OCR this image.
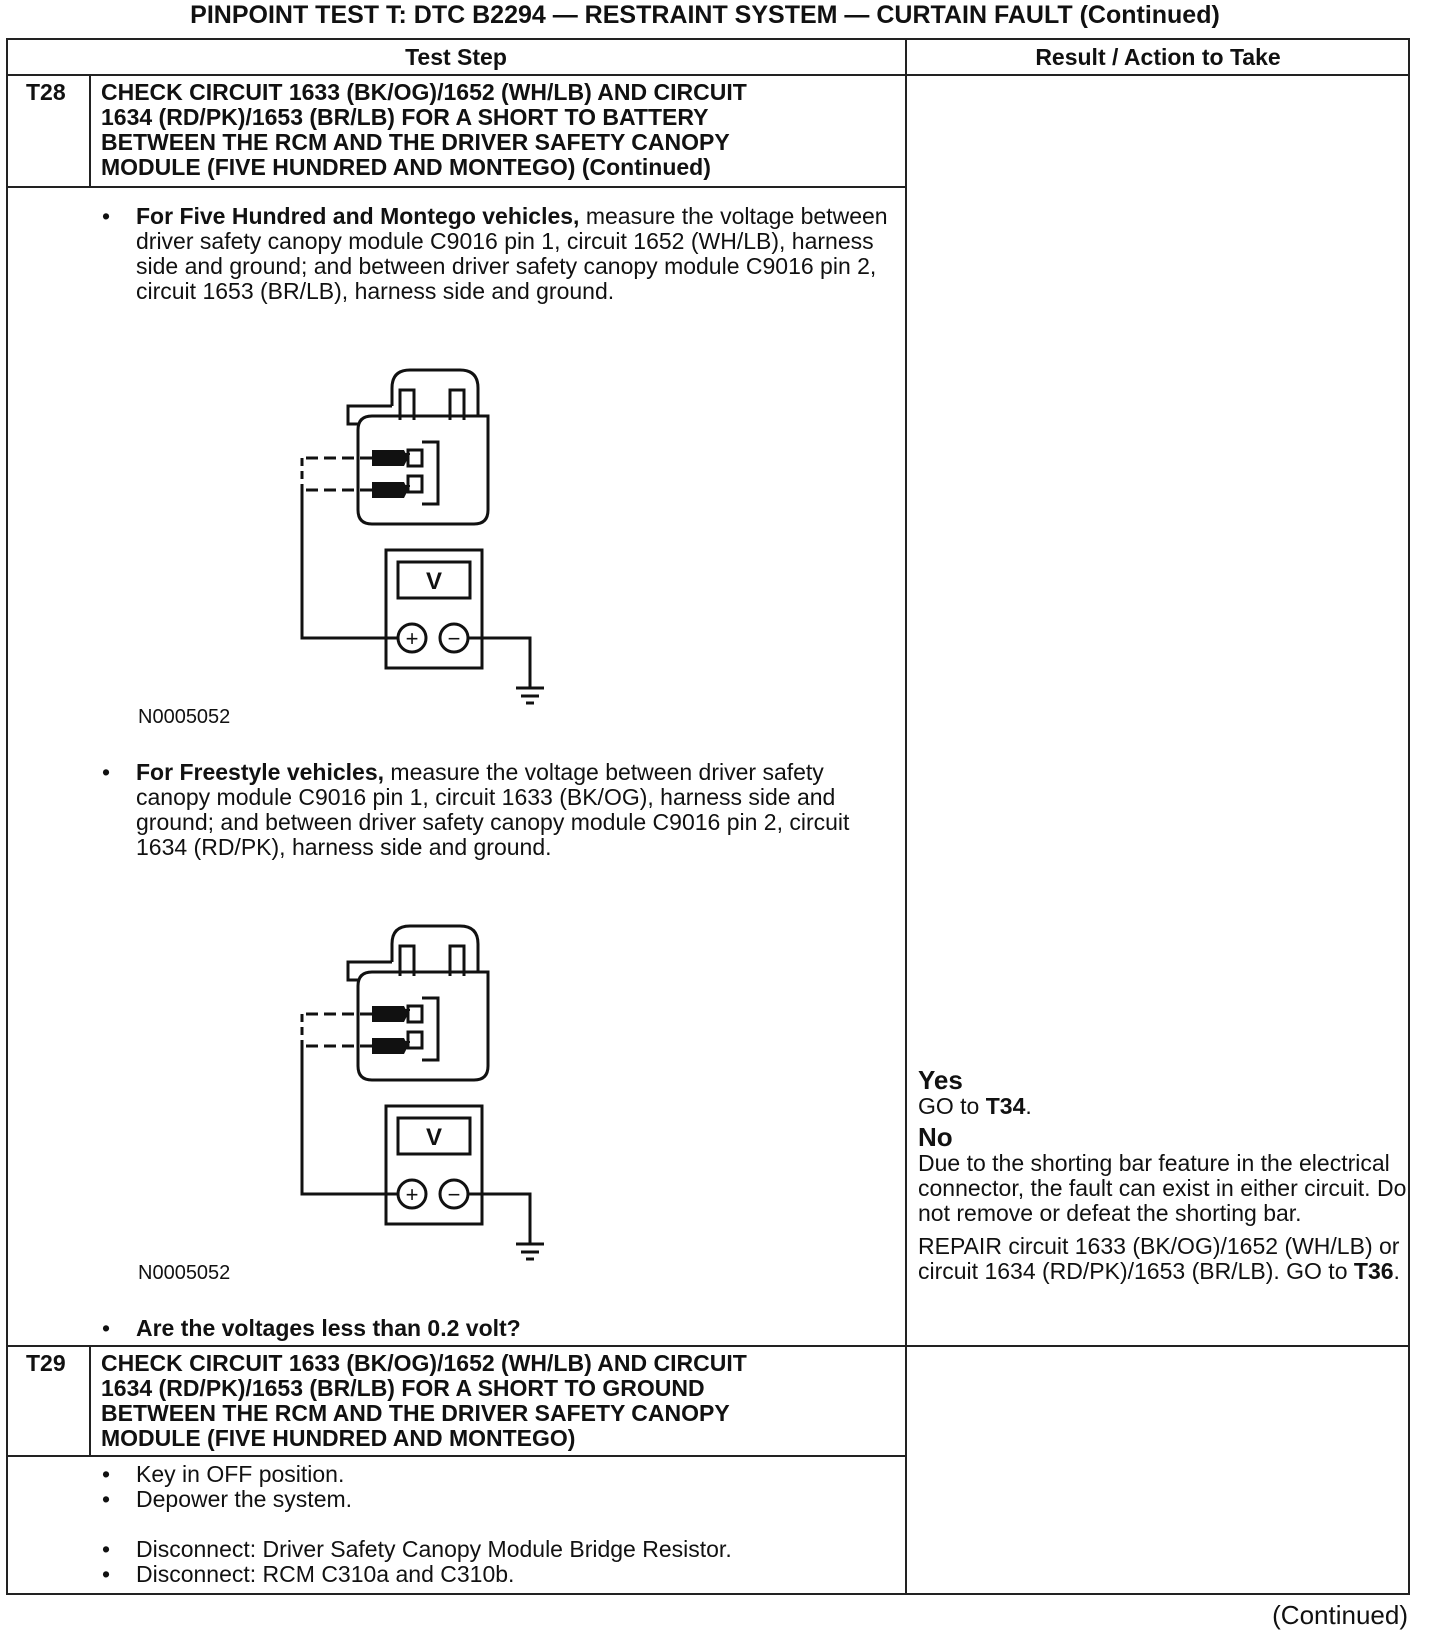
PINPOINT TEST T: DTC B2294 — RESTRAINT SYSTEM — CURTAIN FAULT (Continued)
Test Step	Result / Action to Take
T28 CHECK CIRCUIT 1633 (BK/OG)/1652 (WH/LB) AND CIRCUIT
1634 (RD/PK)/1653 (BR/LB) FOR A SHORT TO BATTERY
BETWEEN THE RCM AND THE DRIVER SAFETY CANOPY
MODULE (FIVE HUNDRED AND MONTEGO) (Continued)

•	For Five Hundred and Montego vehicles, measure the voltage between driver safety canopy module C9016 pin 1, circuit 1652 (WH/LB), harness side and ground; and between driver safety canopy module C9016 pin 2, circuit 1653 (BR/LB), harness side and ground.
V
+ −
N0005052
•	For Freestyle vehicles, measure the voltage between driver safety canopy module C9016 pin 1, circuit 1633 (BK/OG), harness side and ground; and between driver safety canopy module C9016 pin 2, circuit 1634 (RD/PK), harness side and ground.
V
+ −
N0005052
•	Are the voltages less than 0.2 volt?

Yes

GO to T34.

No

Due to the shorting bar feature in the electrical connector, the fault can exist in either circuit. Do not remove or defeat the shorting bar.

REPAIR circuit 1633 (BK/OG)/1652 (WH/LB) or circuit 1634 (RD/PK)/1653 (BR/LB). GO to T36.

T29 CHECK CIRCUIT 1633 (BK/OG)/1652 (WH/LB) AND CIRCUIT
1634 (RD/PK)/1653 (BR/LB) FOR A SHORT TO GROUND
BETWEEN THE RCM AND THE DRIVER SAFETY CANOPY
MODULE (FIVE HUNDRED AND MONTEGO)

•	Key in OFF position.
•	Depower the system.
•	Disconnect: Driver Safety Canopy Module Bridge Resistor.
•	Disconnect: RCM C310a and C310b.
(Continued)
